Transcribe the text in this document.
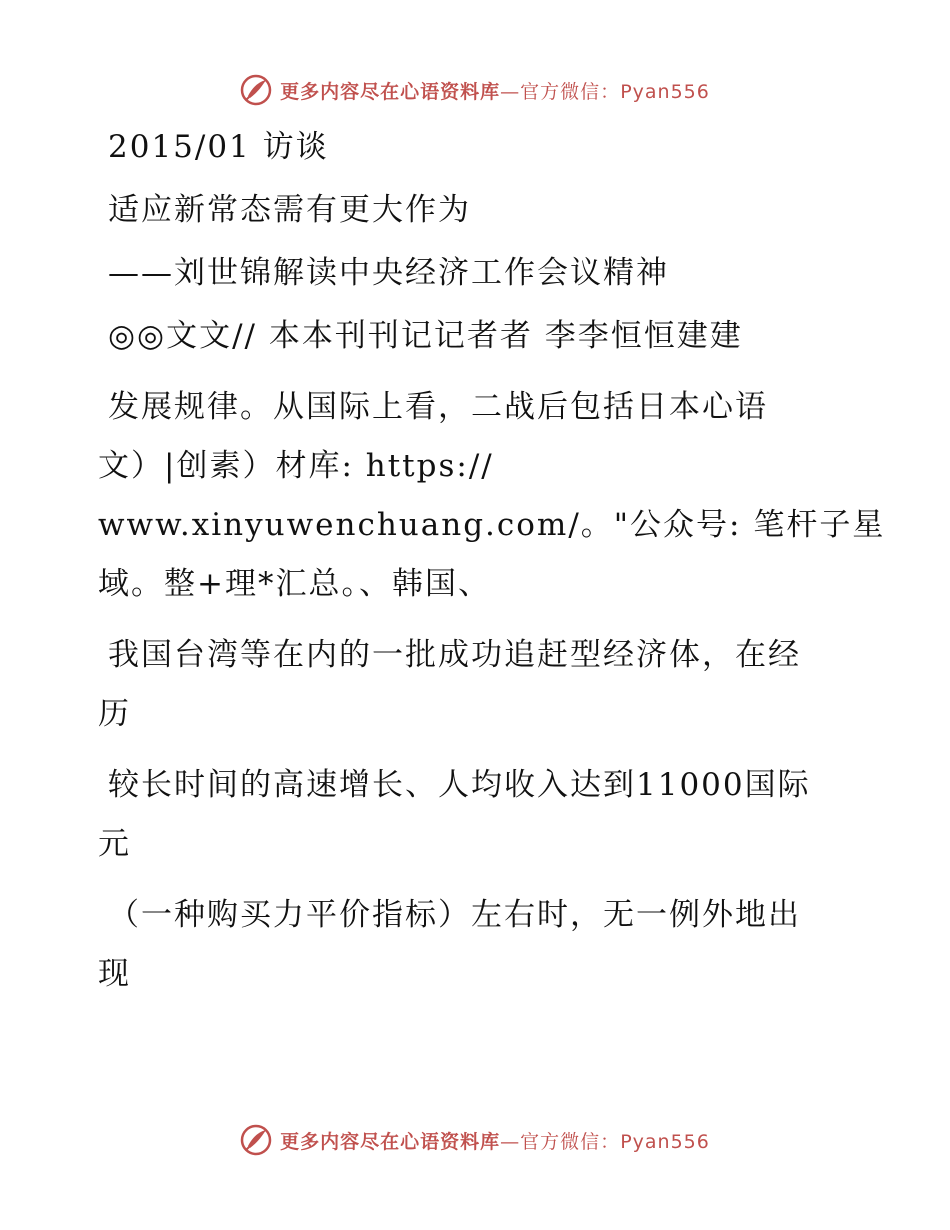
更多内容尽在心语资料库—官方微信：Pyan556
2015/01 访谈
适应新常态需有更大作为
——刘世锦解读中央经济工作会议精神
◎◎文文// 本本刊刊记记者者 李李恒恒建建
发展规律。从国际上看，二战后包括日本心语
文）|创素）材库: https://
www.xinyuwenchuang.com/。"公众号: 笔杆子星
域。整+理*汇总。、韩国、
我国台湾等在内的一批成功追赶型经济体，在经
历
较长时间的高速增长、人均收入达到11000国际
元
（一种购买力平价指标）左右时，无一例外地出
现
更多内容尽在心语资料库—官方微信：Pyan556
